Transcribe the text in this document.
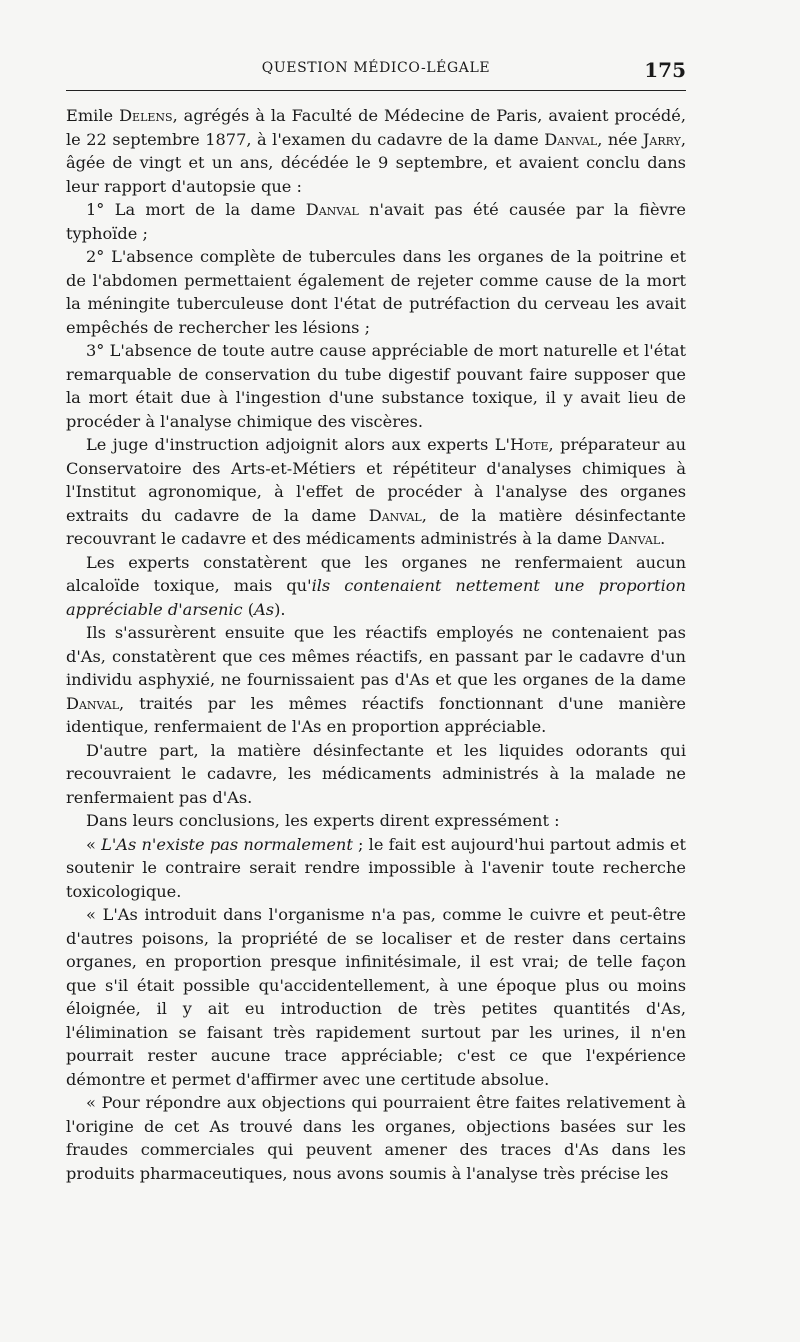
QUESTION MÉDICO-LÉGALE	175

Emile Delens, agrégés à la Faculté de Médecine de Paris, avaient procédé, le 22 septembre 1877, à l'examen du cadavre de la dame Danval, née Jarry, âgée de vingt et un ans, décédée le 9 septembre, et avaient conclu dans leur rapport d'autopsie que :

1° La mort de la dame Danval n'avait pas été causée par la fièvre typhoïde ;

2° L'absence complète de tubercules dans les organes de la poitrine et de l'abdomen permettaient également de rejeter comme cause de la mort la méningite tuberculeuse dont l'état de putréfaction du cerveau les avait empêchés de rechercher les lésions ;

3° L'absence de toute autre cause appréciable de mort naturelle et l'état remarquable de conservation du tube digestif pouvant faire supposer que la mort était due à l'ingestion d'une substance toxique, il y avait lieu de procéder à l'analyse chimique des viscères.

Le juge d'instruction adjoignit alors aux experts L'Hote, préparateur au Conservatoire des Arts-et-Métiers et répétiteur d'analyses chimiques à l'Institut agronomique, à l'effet de procéder à l'analyse des organes extraits du cadavre de la dame Danval, de la matière désinfectante recouvrant le cadavre et des médicaments administrés à la dame Danval.

Les experts constatèrent que les organes ne renfermaient aucun alcaloïde toxique, mais qu'ils contenaient nettement une proportion appréciable d'arsenic (As).

Ils s'assurèrent ensuite que les réactifs employés ne contenaient pas d'As, constatèrent que ces mêmes réactifs, en passant par le cadavre d'un individu asphyxié, ne fournissaient pas d'As et que les organes de la dame Danval, traités par les mêmes réactifs fonctionnant d'une manière identique, renfermaient de l'As en proportion appréciable.

D'autre part, la matière désinfectante et les liquides odorants qui recouvraient le cadavre, les médicaments administrés à la malade ne renfermaient pas d'As.

Dans leurs conclusions, les experts dirent expressément :

« L'As n'existe pas normalement ; le fait est aujourd'hui partout admis et soutenir le contraire serait rendre impossible à l'avenir toute recherche toxicologique.

« L'As introduit dans l'organisme n'a pas, comme le cuivre et peut-être d'autres poisons, la propriété de se localiser et de rester dans certains organes, en proportion presque infinitésimale, il est vrai; de telle façon que s'il était possible qu'accidentellement, à une époque plus ou moins éloignée, il y ait eu introduction de très petites quantités d'As, l'élimination se faisant très rapidement surtout par les urines, il n'en pourrait rester aucune trace appréciable; c'est ce que l'expérience démontre et permet d'affirmer avec une certitude absolue.

« Pour répondre aux objections qui pourraient être faites relativement à l'origine de cet As trouvé dans les organes, objections basées sur les fraudes commerciales qui peuvent amener des traces d'As dans les produits pharmaceutiques, nous avons soumis à l'analyse très précise les
